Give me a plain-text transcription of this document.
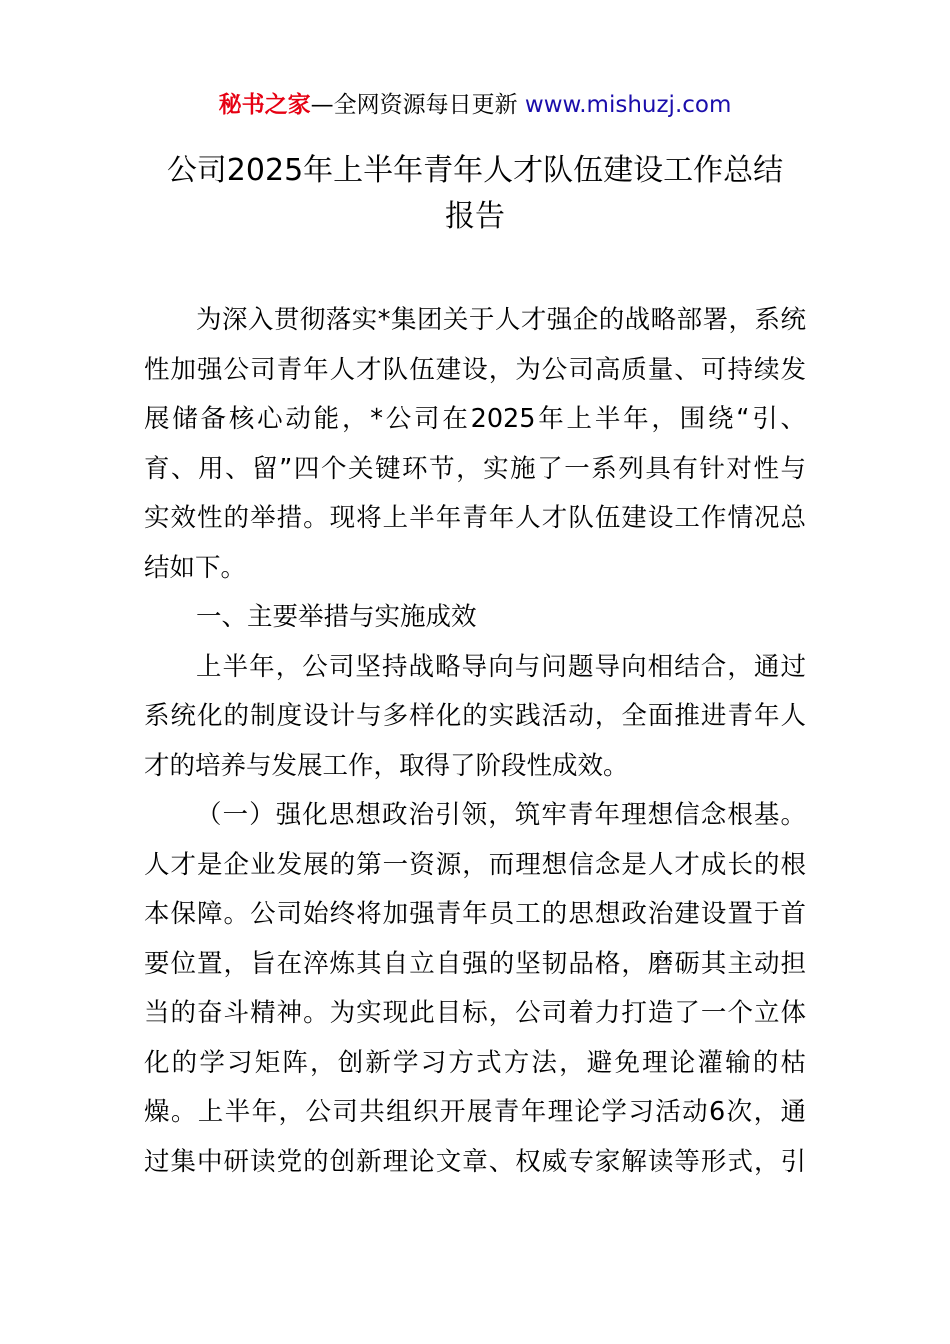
秘书之家—全网资源每日更新 www.mishuzj.com
公司2025年上半年青年人才队伍建设工作总结
报告
为深入贯彻落实*集团关于人才强企的战略部署，系统
性加强公司青年人才队伍建设，为公司高质量、可持续发
展储备核心动能，*公司在2025年上半年，围绕“引、
育、用、留”四个关键环节，实施了一系列具有针对性与
实效性的举措。现将上半年青年人才队伍建设工作情况总
结如下。
一、主要举措与实施成效
上半年，公司坚持战略导向与问题导向相结合，通过
系统化的制度设计与多样化的实践活动，全面推进青年人
才的培养与发展工作，取得了阶段性成效。
（一）强化思想政治引领，筑牢青年理想信念根基。
人才是企业发展的第一资源，而理想信念是人才成长的根
本保障。公司始终将加强青年员工的思想政治建设置于首
要位置，旨在淬炼其自立自强的坚韧品格，磨砺其主动担
当的奋斗精神。为实现此目标，公司着力打造了一个立体
化的学习矩阵，创新学习方式方法，避免理论灌输的枯
燥。上半年，公司共组织开展青年理论学习活动6次，通
过集中研读党的创新理论文章、权威专家解读等形式，引
